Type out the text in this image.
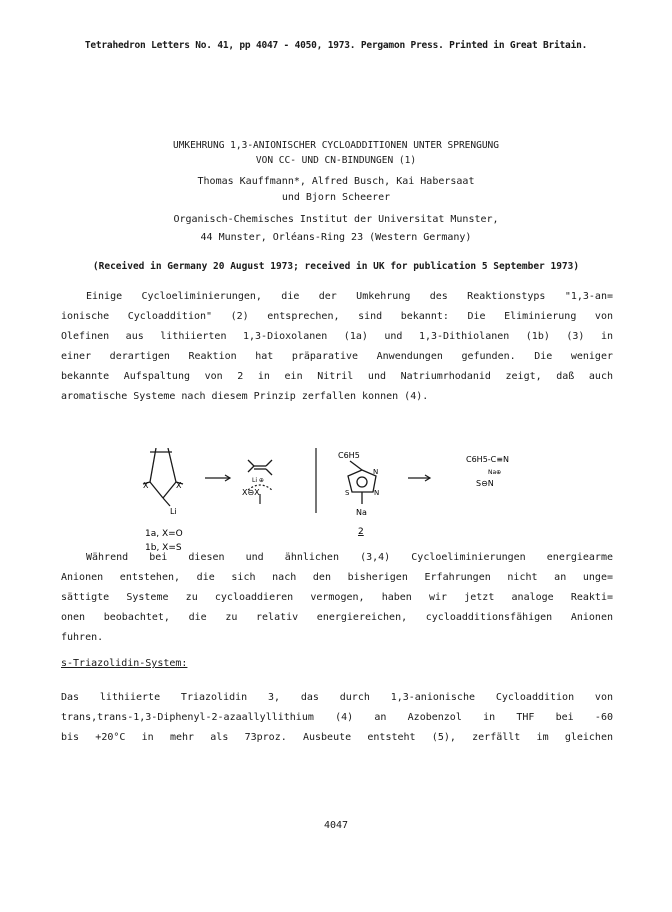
Tetrahedron Letters No. 41, pp 4047 - 4050, 1973. Pergamon Press. Printed in Great Britain.
UMKEHRUNG 1,3-ANIONISCHER CYCLOADDITIONEN UNTER SPRENGUNG
VON CC- UND CN-BINDUNGEN (1)
Thomas Kauffmann*, Alfred Busch, Kai Habersaat
und Bjorn Scheerer
Organisch-Chemisches Institut der Universitat Munster,
44 Munster, Orléans-Ring 23 (Western Germany)
(Received in Germany 20 August 1973; received in UK for publication 5 September 1973)
Einige Cycloeliminierungen, die der Umkehrung des Reaktionstyps "1,3-an=
ionische Cycloaddition" (2) entsprechen, sind bekannt: Die Eliminierung von
Olefinen aus lithiierten 1,3-Dioxolanen (1a) und 1,3-Dithiolanen (1b) (3) in
einer derartigen Reaktion hat präparative Anwendungen gefunden. Die weniger
bekannte Aufspaltung von 2 in ein Nitril und Natriumrhodanid zeigt, daß auch
aromatische Systeme nach diesem Prinzip zerfallen konnen (4).
X	X
Li
Li ⊕
X⊖X
C6H5
N
N
S
Na
C6H5-C≡N
Na⊕
S⊖N
1a, X=O
1b, X=S
2
Während bei diesen und ähnlichen (3,4) Cycloeliminierungen energiearme
Anionen entstehen, die sich nach den bisherigen Erfahrungen nicht an unge=
sättigte Systeme zu cycloaddieren vermogen, haben wir jetzt analoge Reakti=
onen beobachtet, die zu relativ energiereichen, cycloadditionsfähigen Anionen
fuhren.
s-Triazolidin-System:
Das lithiierte Triazolidin 3, das durch 1,3-anionische Cycloaddition von
trans,trans-1,3-Diphenyl-2-azaallyllithium (4) an Azobenzol in THF bei -60
bis +20°C in mehr als 73proz. Ausbeute entsteht (5), zerfällt im gleichen
4047
